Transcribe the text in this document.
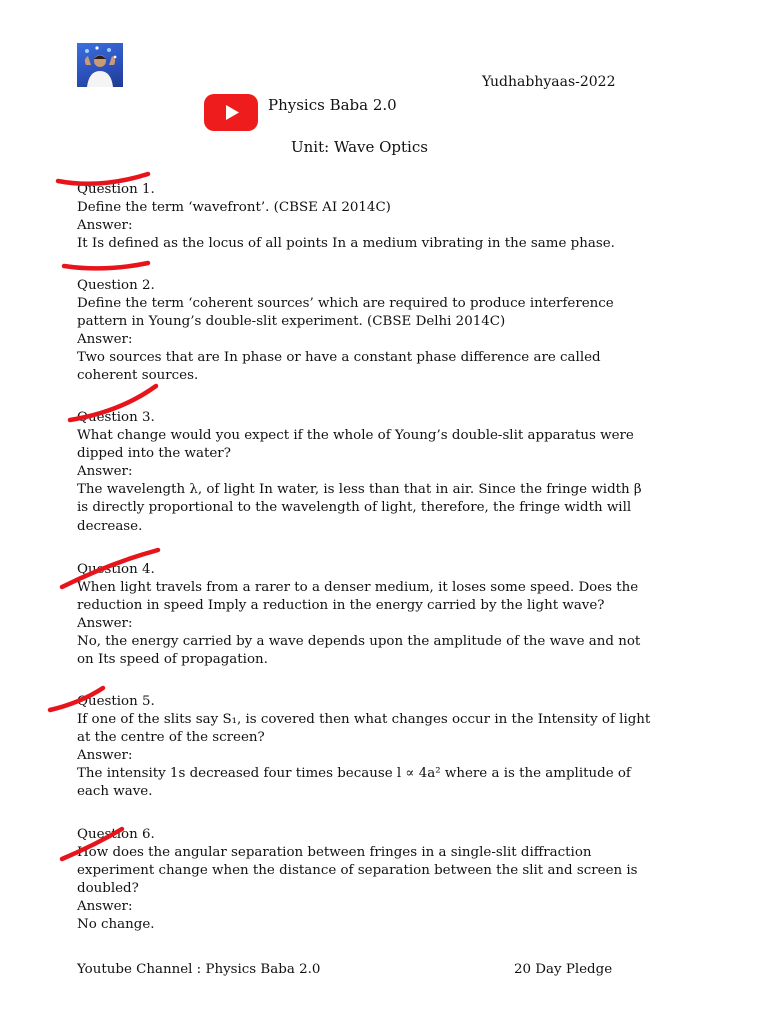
Yudhabhyaas-2022
Physics Baba 2.0
Unit: Wave Optics
Question 1.
Define the term ‘wavefront’. (CBSE AI 2014C)
Answer:
It Is defined as the locus of all points In a medium vibrating in the same phase.
Question 2.
Define the term ‘coherent sources’ which are required to produce interference pattern in Young’s double-slit experiment. (CBSE Delhi 2014C)
Answer:
Two sources that are In phase or have a constant phase difference are called coherent sources.
Question 3.
What change would you expect if the whole of Young’s double-slit apparatus were dipped into the water?
Answer:
The wavelength λ, of light In water, is less than that in air. Since the fringe width β is directly proportional to the wavelength of light, therefore, the fringe width will decrease.
Question 4.
When light travels from a rarer to a denser medium, it loses some speed. Does the reduction in speed Imply a reduction in the energy carried by the light wave?
Answer:
No, the energy carried by a wave depends upon the amplitude of the wave and not on Its speed of propagation.
Question 5.
If one of the slits say S₁, is covered then what changes occur in the Intensity of light at the centre of the screen?
Answer:
The intensity 1s decreased four times because l ∝ 4a² where a is the amplitude of each wave.
Question 6.
How does the angular separation between fringes in a single-slit diffraction experiment change when the distance of separation between the slit and screen is doubled?
Answer:
No change.
Youtube Channel : Physics Baba 2.0	20 Day Pledge
